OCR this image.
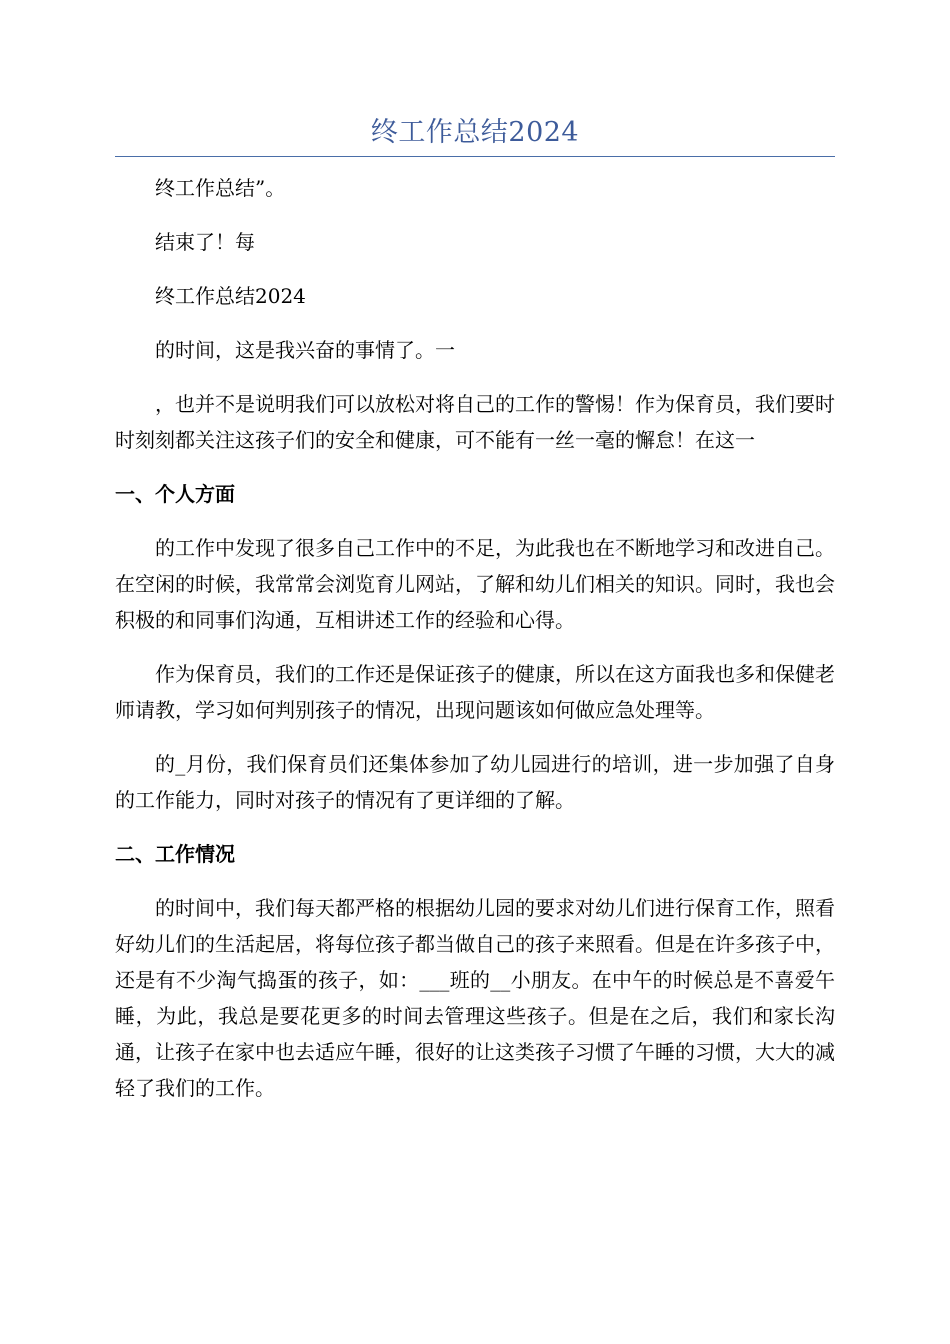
终工作总结2024

终工作总结”。

结束了！每

终工作总结2024

的时间，这是我兴奋的事情了。一

，也并不是说明我们可以放松对将自己的工作的警惕！作为保育员，我们要时时刻刻都关注这孩子们的安全和健康，可不能有一丝一毫的懈怠！在这一

一、个人方面

的工作中发现了很多自己工作中的不足，为此我也在不断地学习和改进自己。在空闲的时候，我常常会浏览育儿网站，了解和幼儿们相关的知识。同时，我也会积极的和同事们沟通，互相讲述工作的经验和心得。

作为保育员，我们的工作还是保证孩子的健康，所以在这方面我也多和保健老师请教，学习如何判别孩子的情况，出现问题该如何做应急处理等。

的_月份，我们保育员们还集体参加了幼儿园进行的培训，进一步加强了自身的工作能力，同时对孩子的情况有了更详细的了解。

二、工作情况

的时间中，我们每天都严格的根据幼儿园的要求对幼儿们进行保育工作，照看好幼儿们的生活起居，将每位孩子都当做自己的孩子来照看。但是在许多孩子中，还是有不少淘气捣蛋的孩子，如：___班的__小朋友。在中午的时候总是不喜爱午睡，为此，我总是要花更多的时间去管理这些孩子。但是在之后，我们和家长沟通，让孩子在家中也去适应午睡，很好的让这类孩子习惯了午睡的习惯，大大的减轻了我们的工作。
